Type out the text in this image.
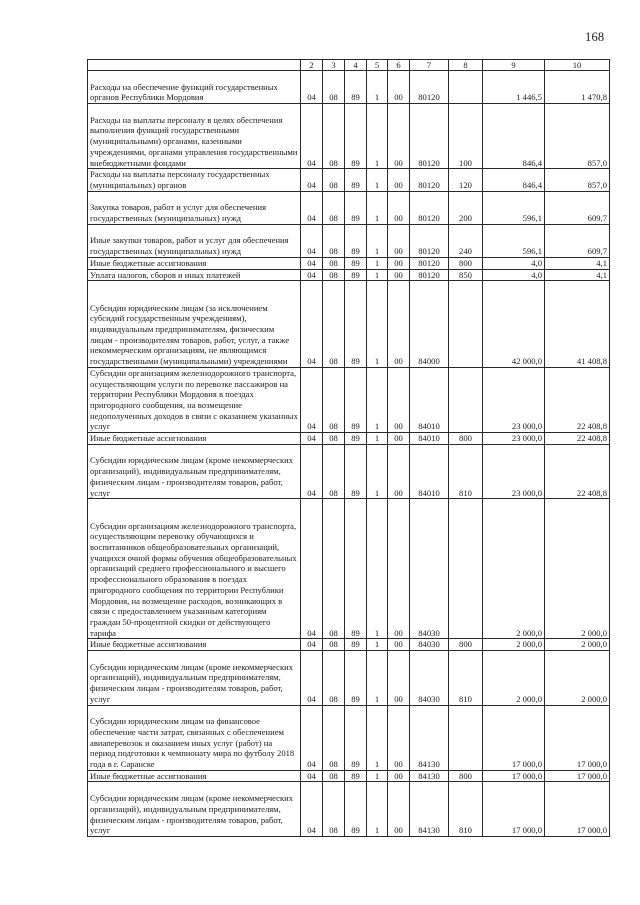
168
	2	3	4	5	6	7	8	9	10
Расходы на обеспечение функций государственных органов Республики Мордовия	04	08	89	1	00	80120		1 446,5	1 470,8
Расходы на выплаты персоналу в целях обеспечения выполнения функций государственными (муниципальными) органами, казенными учреждениями, органами управления государственными внебюджетными фондами	04	08	89	1	00	80120	100	846,4	857,0
Расходы на выплаты персоналу государственных (муниципальных) органов	04	08	89	1	00	80120	120	846,4	857,0
Закупка товаров, работ и услуг для обеспечения государственных (муниципальных) нужд	04	08	89	1	00	80120	200	596,1	609,7
Иные закупки товаров, работ и услуг для обеспечения государственных (муниципальных) нужд	04	08	89	1	00	80120	240	596,1	609,7
Иные бюджетные ассигнования	04	08	89	1	00	80120	800	4,0	4,1
Уплата налогов, сборов и иных платежей	04	08	89	1	00	80120	850	4,0	4,1
Субсидии юридическим лицам (за исключением субсидий государственным учреждениям), индивидуальным предпринимателям, физическим лицам - производителям товаров, работ, услуг, а также некоммерческим организациям, не являющимся государственными (муниципальными) учреждениями	04	08	89	1	00	84000		42 000,0	41 408,8
Субсидии организациям железнодорожного транспорта, осуществляющим услуги по перевозке пассажиров на территории Республики Мордовия в поездах пригородного сообщения, на возмещение недополученных доходов в связи с оказанием указанных услуг	04	08	89	1	00	84010		23 000,0	22 408,8
Иные бюджетные ассигнования	04	08	89	1	00	84010	800	23 000,0	22 408,8
Субсидии юридическим лицам (кроме некоммерческих организаций), индивидуальным предпринимателям, физическим лицам - производителям товаров, работ, услуг	04	08	89	1	00	84010	810	23 000,0	22 408,8
Субсидии организациям железнодорожного транспорта, осуществляющим перевозку обучающихся и воспитанников общеобразовательных организаций, учащихся очной формы обучения общеобразовательных организаций среднего профессионального и высшего профессионального образования в поездах пригородного сообщения по территории Республики Мордовия, на возмещение расходов, возникающих в связи с предоставлением указанным категориям граждан 50-процентной скидки от действующего тарифа	04	08	89	1	00	84030		2 000,0	2 000,0
Иные бюджетные ассигнования	04	08	89	1	00	84030	800	2 000,0	2 000,0
Субсидии юридическим лицам (кроме некоммерческих организаций), индивидуальным предпринимателям, физическим лицам - производителям товаров, работ, услуг	04	08	89	1	00	84030	810	2 000,0	2 000,0
Субсидии юридическим лицам на финансовое обеспечение части затрат, связанных с обеспечением авиаперевозок и оказанием иных услуг (работ) на период подготовки к чемпионату мира по футболу 2018 года в г. Саранске	04	08	89	1	00	84130		17 000,0	17 000,0
Иные бюджетные ассигнования	04	08	89	1	00	84130	800	17 000,0	17 000,0
Субсидии юридическим лицам (кроме некоммерческих организаций), индивидуальным предпринимателям, физическим лицам - производителям товаров, работ, услуг	04	08	89	1	00	84130	810	17 000,0	17 000,0
